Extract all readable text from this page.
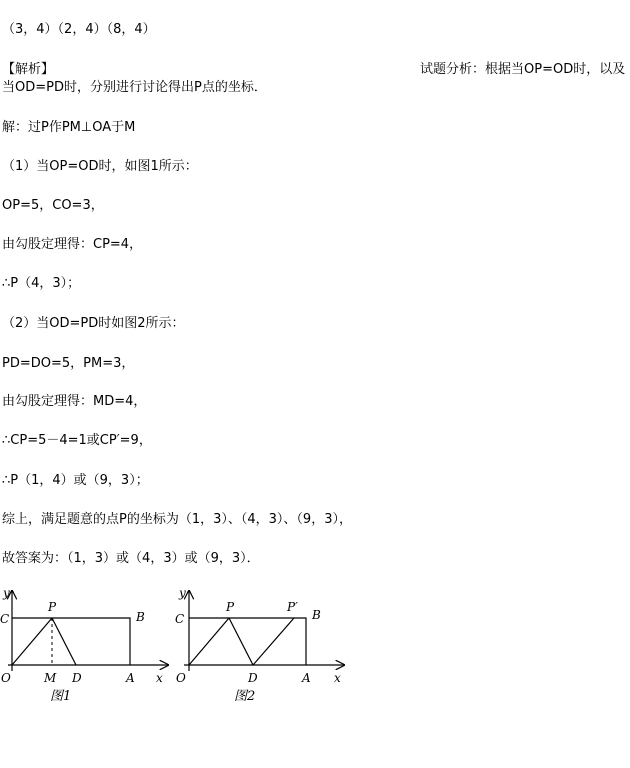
（3，4）（2，4）（8，4）
【解析】	试题分析：根据当OP=OD时，以及
当OD=PD时，分别进行讨论得出P点的坐标．
解：过P作PM⊥OA于M
（1）当OP=OD时，如图1所示：
OP=5，CO=3，
由勾股定理得：CP=4，
∴P（4，3）；
（2）当OD=PD时如图2所示：
PD=DO=5，PM=3，
由勾股定理得：MD=4，
∴CP=5－4=1或CP′=9，
∴P（1，4）或（9，3）；
综上，满足题意的点P的坐标为（1，3）、（4，3）、（9，3），
故答案为：（1，3）或（4，3）或（9，3）．
y
C
P
B
O	M D	A x
图1
y
C
P	P′
B
O	D	A x
图2
